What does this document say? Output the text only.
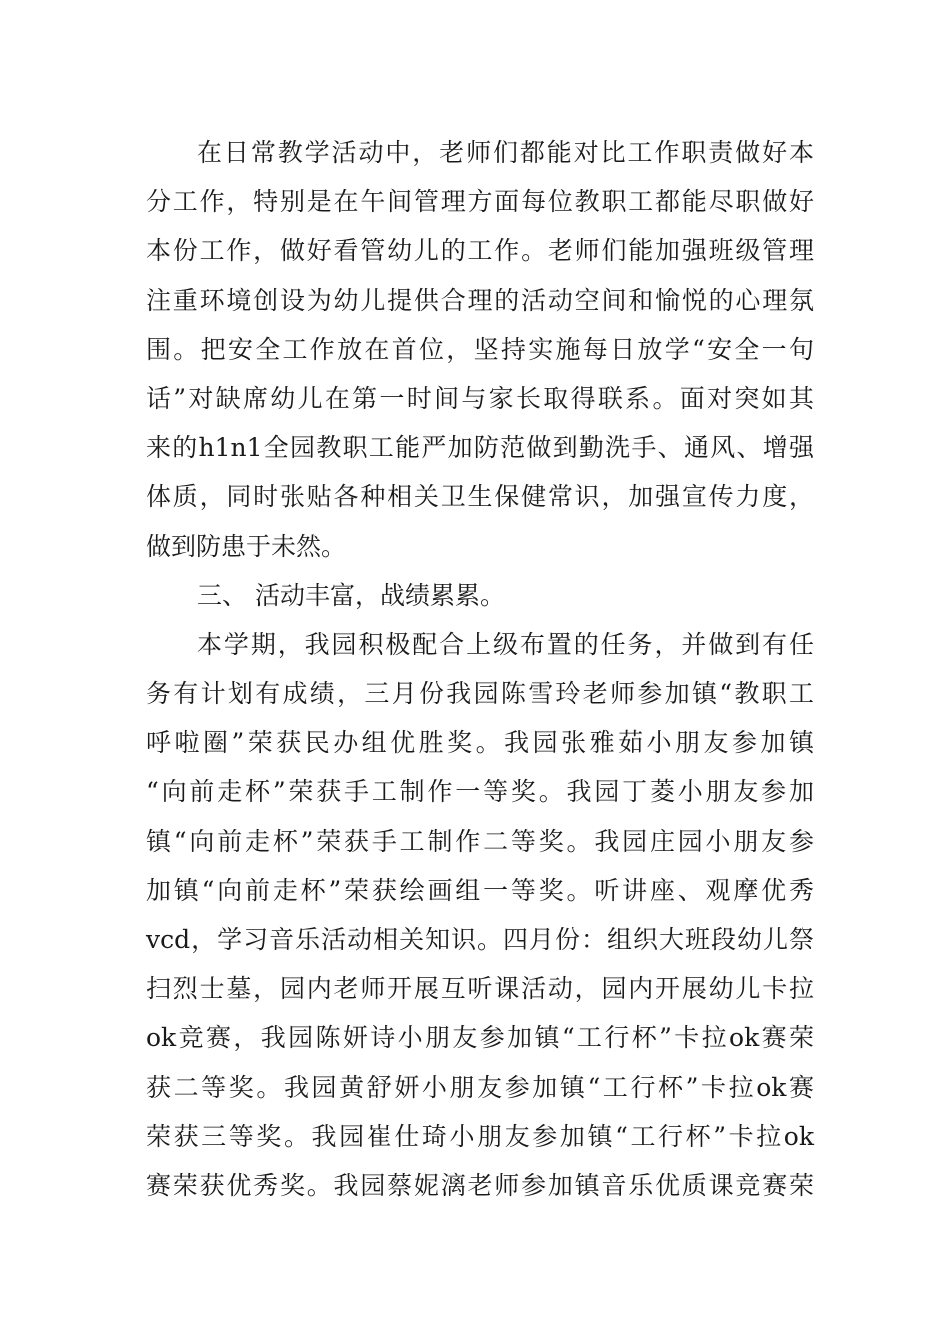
在日常教学活动中，老师们都能对比工作职责做好本
分工作，特别是在午间管理方面每位教职工都能尽职做好
本份工作，做好看管幼儿的工作。老师们能加强班级管理
注重环境创设为幼儿提供合理的活动空间和愉悦的心理氛
围。把安全工作放在首位，坚持实施每日放学“安全一句
话”对缺席幼儿在第一时间与家长取得联系。面对突如其
来的h1n1全园教职工能严加防范做到勤洗手、通风、增强
体质，同时张贴各种相关卫生保健常识，加强宣传力度，
做到防患于未然。
三、 活动丰富，战绩累累。
本学期，我园积极配合上级布置的任务，并做到有任
务有计划有成绩，三月份我园陈雪玲老师参加镇“教职工
呼啦圈”荣获民办组优胜奖。我园张雅茹小朋友参加镇
“向前走杯”荣获手工制作一等奖。我园丁菱小朋友参加
镇“向前走杯”荣获手工制作二等奖。我园庄园小朋友参
加镇“向前走杯”荣获绘画组一等奖。听讲座、观摩优秀
vcd，学习音乐活动相关知识。四月份：组织大班段幼儿祭
扫烈士墓，园内老师开展互听课活动，园内开展幼儿卡拉
ok竞赛，我园陈妍诗小朋友参加镇“工行杯”卡拉ok赛荣
获二等奖。我园黄舒妍小朋友参加镇“工行杯”卡拉ok赛
荣获三等奖。我园崔仕琦小朋友参加镇“工行杯”卡拉ok
赛荣获优秀奖。我园蔡妮漓老师参加镇音乐优质课竞赛荣
